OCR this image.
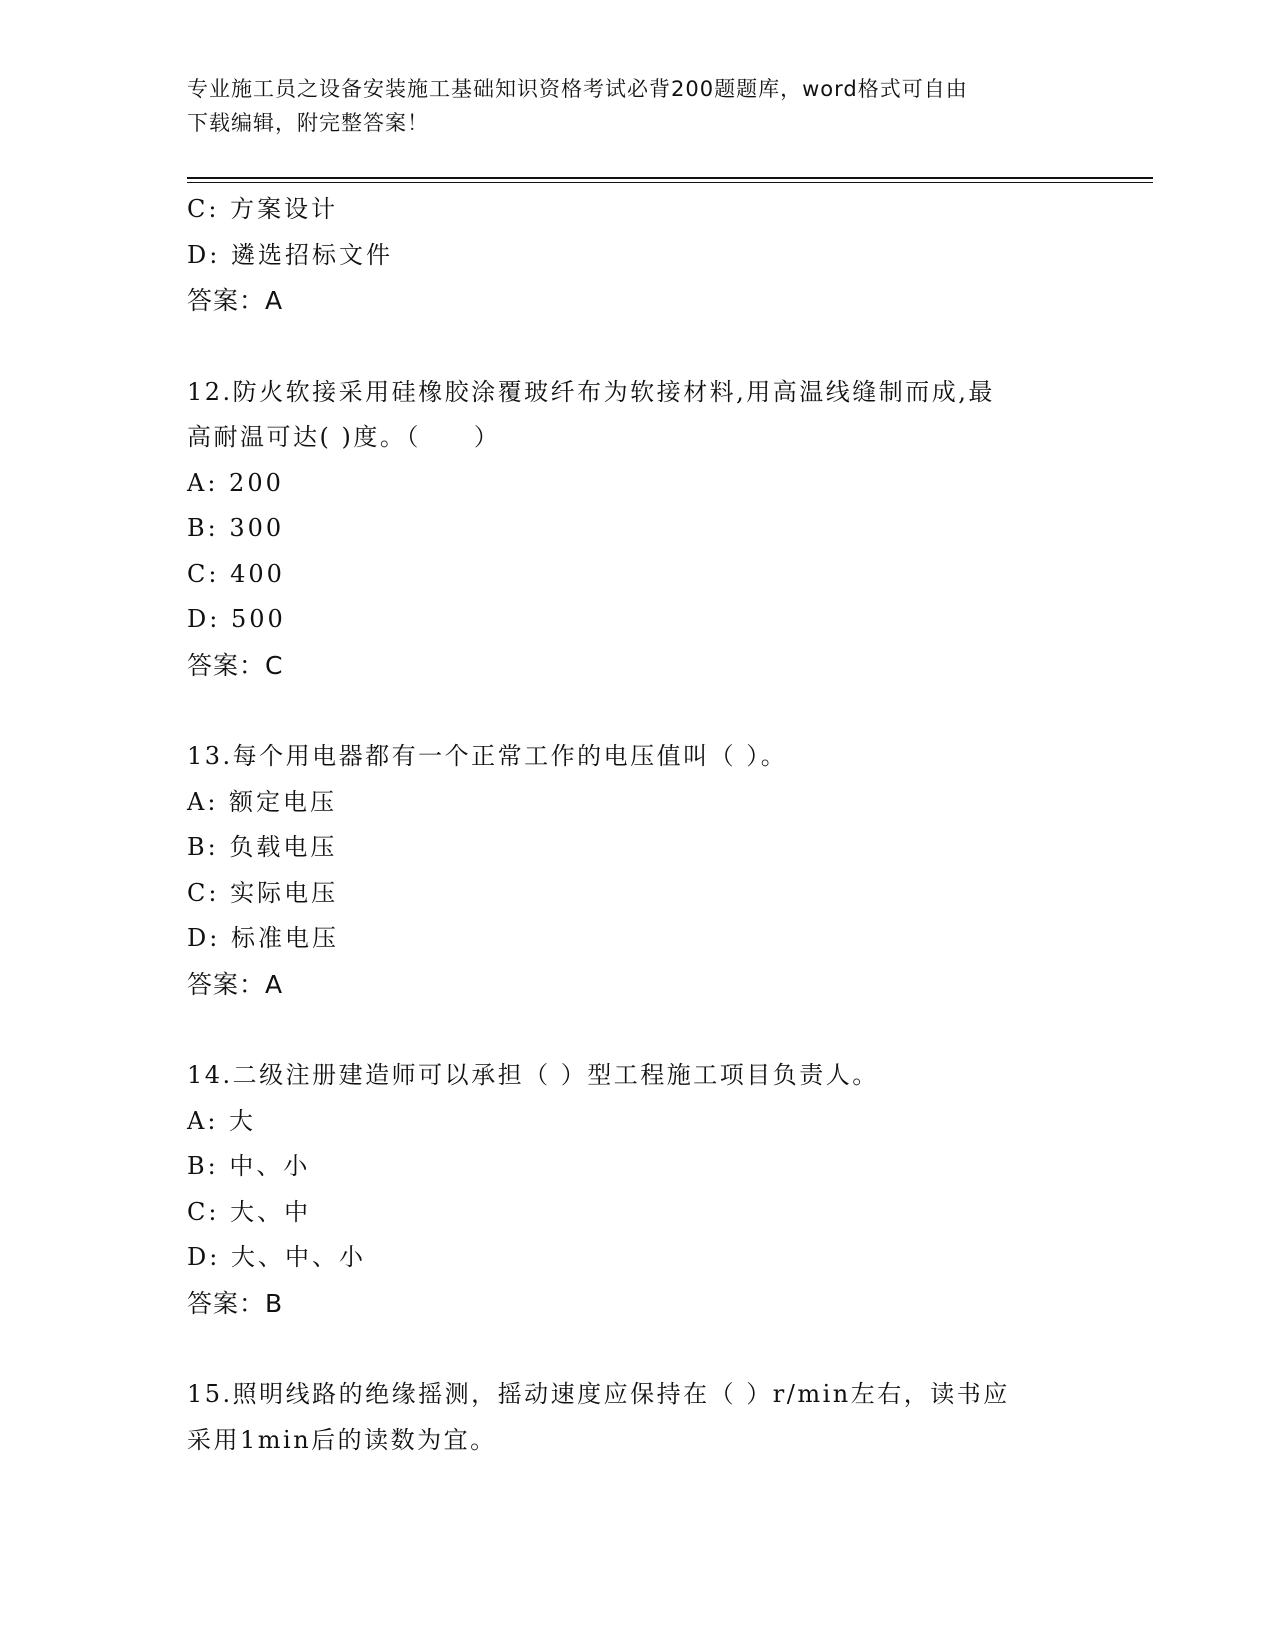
专业施工员之设备安装施工基础知识资格考试必背200题题库，word格式可自由
下载编辑，附完整答案！
C: 方案设计
D: 遴选招标文件
答案：A
12.防火软接采用硅橡胶涂覆玻纤布为软接材料,用高温线缝制而成,最
高耐温可达( )度。（　　）
A: 200
B: 300
C: 400
D: 500
答案：C
13.每个用电器都有一个正常工作的电压值叫（ ）。
A: 额定电压
B: 负载电压
C: 实际电压
D: 标准电压
答案：A
14.二级注册建造师可以承担（ ）型工程施工项目负责人。
A: 大
B: 中、小
C: 大、中
D: 大、中、小
答案：B
15.照明线路的绝缘摇测，摇动速度应保持在（ ）r/min左右，读书应
采用1min后的读数为宜。
